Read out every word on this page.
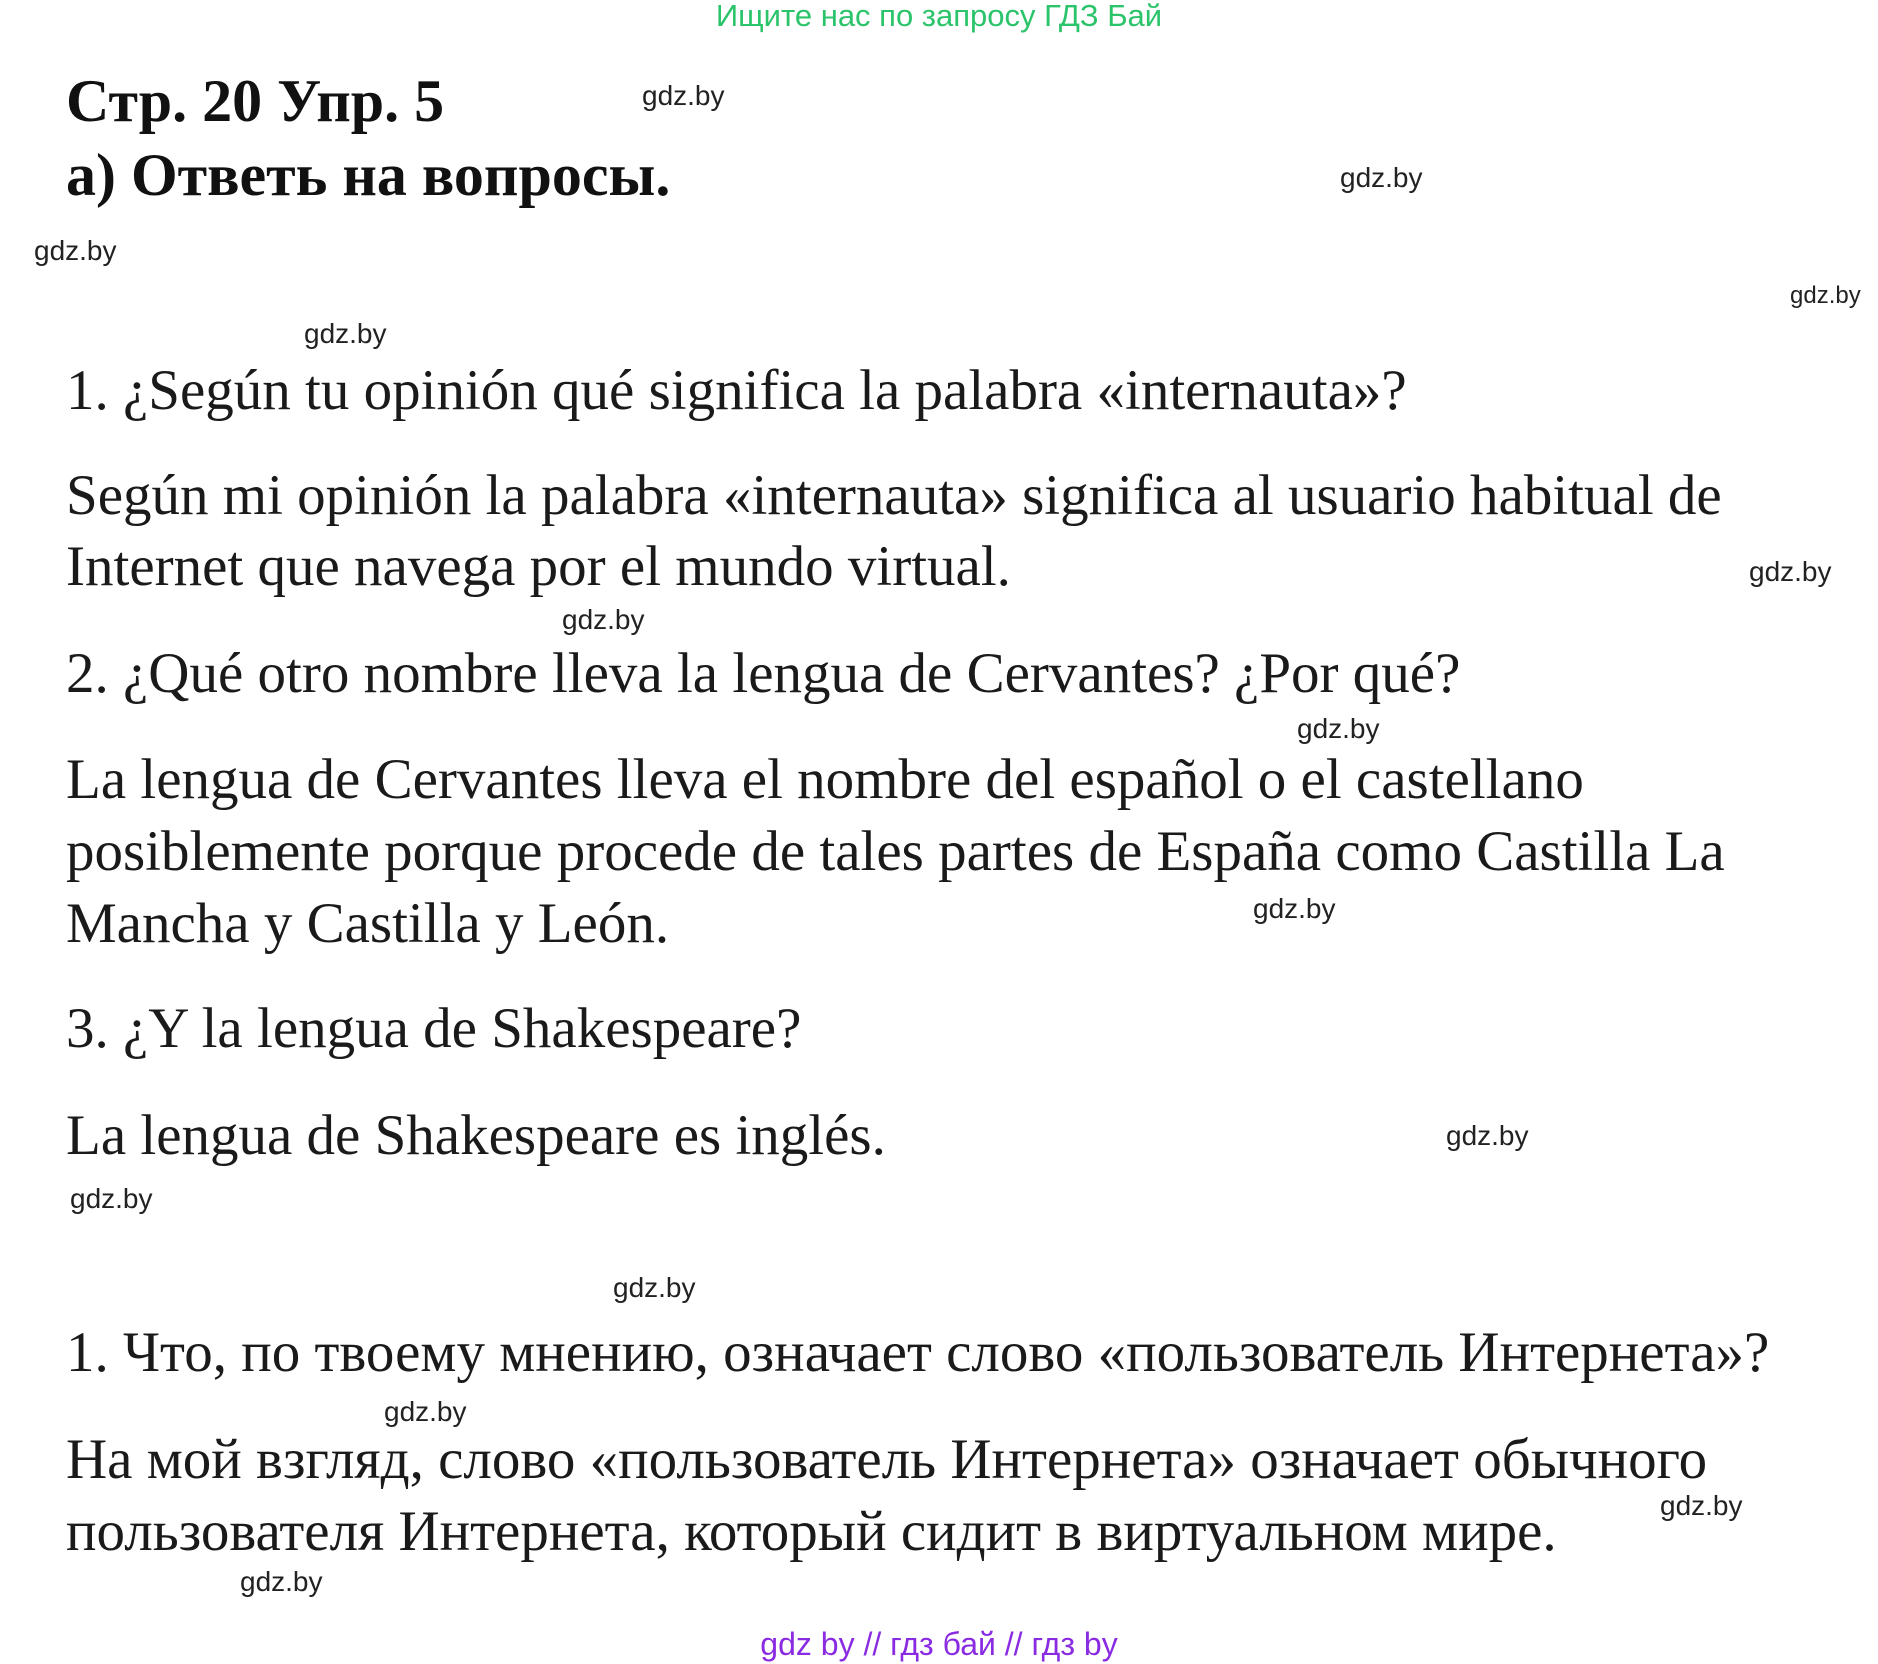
Ищите нас по запросу ГДЗ Бай
Стр. 20 Упр. 5
а) Ответь на вопросы.

1. ¿Según tu opinión qué significa la palabra «internauta»?

Según mi opinión la palabra «internauta» significa al usuario habitual de

Internet que navega por el mundo virtual.

2. ¿Qué otro nombre lleva la lengua de Cervantes? ¿Por qué?

La lengua de Cervantes lleva el nombre del español o el castellano

posiblemente porque procede de tales partes de España como Castilla La

Mancha y Castilla y León.

3. ¿Y la lengua de Shakespeare?

La lengua de Shakespeare es inglés.

1. Что, по твоему мнению, означает слово «пользователь Интернета»?

На мой взгляд, слово «пользователь Интернета» означает обычного

пользователя Интернета, который сидит в виртуальном мире.

gdz.by
gdz.by
gdz.by
gdz.by
gdz.by
gdz.by
gdz.by
gdz.by
gdz.by
gdz.by
gdz.by
gdz.by
gdz.by
gdz.by
gdz.by
gdz by // гдз бай // гдз by
